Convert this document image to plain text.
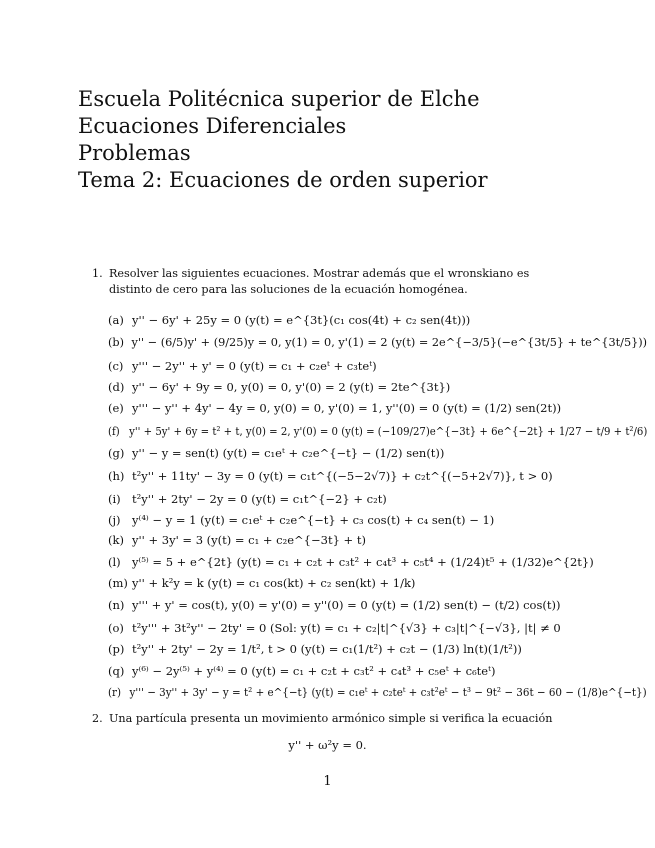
Escuela Politécnica superior de Elche
Ecuaciones Diferenciales
Problemas
Tema 2: Ecuaciones de orden superior
1. Resolver las siguientes ecuaciones. Mostrar además que el wronskiano es distinto de cero para las soluciones de la ecuación homogénea.
(a) y'' − 6y' + 25y = 0 (y(t) = e^{3t}(c₁ cos(4t) + c₂ sen(4t)))
(b) y'' − (6/5)y' + (9/25)y = 0, y(1) = 0, y'(1) = 2 (y(t) = 2e^{−3/5}(−e^{3t/5} + te^{3t/5}))
(c) y''' − 2y'' + y' = 0 (y(t) = c₁ + c₂eᵗ + c₃teᵗ)
(d) y'' − 6y' + 9y = 0, y(0) = 0, y'(0) = 2 (y(t) = 2te^{3t})
(e) y''' − y'' + 4y' − 4y = 0, y(0) = 0, y'(0) = 1, y''(0) = 0 (y(t) = (1/2) sen(2t))
(f) y'' + 5y' + 6y = t² + t, y(0) = 2, y'(0) = 0 (y(t) = (−109/27)e^{−3t} + 6e^{−2t} + 1/27 − t/9 + t²/6)
(g) y'' − y = sen(t) (y(t) = c₁eᵗ + c₂e^{−t} − (1/2) sen(t))
(h) t²y'' + 11ty' − 3y = 0 (y(t) = c₁t^{(−5−2√7)} + c₂t^{(−5+2√7)}, t > 0)
(i) t²y'' + 2ty' − 2y = 0 (y(t) = c₁t^{−2} + c₂t)
(j) y⁽⁴⁾ − y = 1 (y(t) = c₁eᵗ + c₂e^{−t} + c₃ cos(t) + c₄ sen(t) − 1)
(k) y'' + 3y' = 3 (y(t) = c₁ + c₂e^{−3t} + t)
(l) y⁽⁵⁾ = 5 + e^{2t} (y(t) = c₁ + c₂t + c₃t² + c₄t³ + c₅t⁴ + (1/24)t⁵ + (1/32)e^{2t})
(m) y'' + k²y = k (y(t) = c₁ cos(kt) + c₂ sen(kt) + 1/k)
(n) y''' + y' = cos(t), y(0) = y'(0) = y''(0) = 0 (y(t) = (1/2) sen(t) − (t/2) cos(t))
(o) t²y''' + 3t²y'' − 2ty' = 0 (Sol: y(t) = c₁ + c₂|t|^{√3} + c₃|t|^{−√3}, |t| ≠ 0
(p) t²y'' + 2ty' − 2y = 1/t², t > 0 (y(t) = c₁(1/t²) + c₂t − (1/3) ln(t)(1/t²))
(q) y⁽⁶⁾ − 2y⁽⁵⁾ + y⁽⁴⁾ = 0 (y(t) = c₁ + c₂t + c₃t² + c₄t³ + c₅eᵗ + c₆teᵗ)
(r) y''' − 3y'' + 3y' − y = t² + e^{−t} (y(t) = c₁eᵗ + c₂teᵗ + c₃t²eᵗ − t³ − 9t² − 36t − 60 − (1/8)e^{−t})
2. Una partícula presenta un movimiento armónico simple si verifica la ecuación
y'' + ω²y = 0.
1
